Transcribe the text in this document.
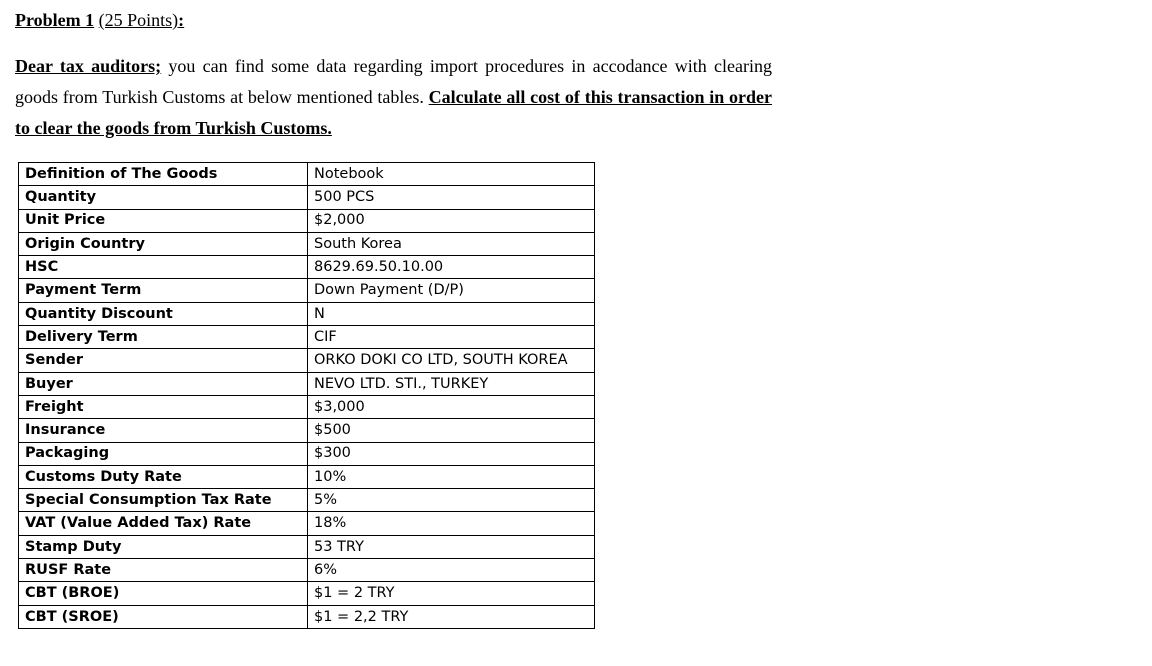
Problem 1 (25 Points):
Dear tax auditors; you can find some data regarding import procedures in accodance with clearing goods from Turkish Customs at below mentioned tables. Calculate all cost of this transaction in order to clear the goods from Turkish Customs.
Definition of The Goods	Notebook
Quantity	500 PCS
Unit Price	$2,000
Origin Country	South Korea
HSC	8629.69.50.10.00
Payment Term	Down Payment (D/P)
Quantity Discount	N
Delivery Term	CIF
Sender	ORKO DOKI CO LTD, SOUTH KOREA
Buyer	NEVO LTD. STI., TURKEY
Freight	$3,000
Insurance	$500
Packaging	$300
Customs Duty Rate	10%
Special Consumption Tax Rate	5%
VAT (Value Added Tax) Rate	18%
Stamp Duty	53 TRY
RUSF Rate	6%
CBT (BROE)	$1 = 2 TRY
CBT (SROE)	$1 = 2,2 TRY
